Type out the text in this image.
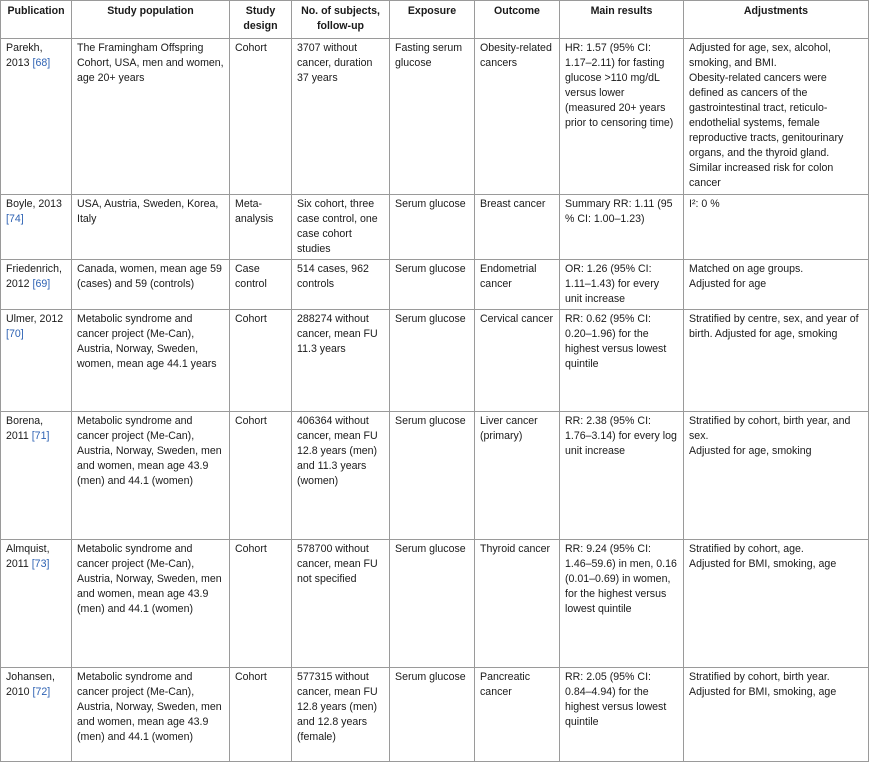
Publication	Study population	Study design	No. of subjects, follow-up	Exposure	Outcome	Main results	Adjustments
Parekh, 2013 [68]	The Framingham Offspring Cohort, USA, men and women, age 20+ years	Cohort	3707 without cancer, duration 37 years	Fasting serum glucose	Obesity-related cancers	HR: 1.57 (95% CI: 1.17–2.11) for fasting glucose >110 mg/dL versus lower (measured 20+ years prior to censoring time)	Adjusted for age, sex, alcohol, smoking, and BMI.
Obesity-related cancers were defined as cancers of the gastrointestinal tract, reticulo-endothelial systems, female reproductive tracts, genitourinary organs, and the thyroid gland.
Similar increased risk for colon cancer
Boyle, 2013 [74]	USA, Austria, Sweden, Korea, Italy	Meta-analysis	Six cohort, three case control, one case cohort studies	Serum glucose	Breast cancer	Summary RR: 1.11 (95 % CI: 1.00–1.23)	I²: 0 %
Friedenrich, 2012 [69]	Canada, women, mean age 59 (cases) and 59 (controls)	Case control	514 cases, 962 controls	Serum glucose	Endometrial cancer	OR: 1.26 (95% CI: 1.11–1.43) for every unit increase	Matched on age groups.
Adjusted for age
Ulmer, 2012 [70]	Metabolic syndrome and cancer project (Me-Can), Austria, Norway, Sweden, women, mean age 44.1 years	Cohort	288274 without cancer, mean FU 11.3 years	Serum glucose	Cervical cancer	RR: 0.62 (95% CI: 0.20–1.96) for the highest versus lowest quintile	Stratified by centre, sex, and year of birth. Adjusted for age, smoking
Borena, 2011 [71]	Metabolic syndrome and cancer project (Me-Can), Austria, Norway, Sweden, men and women, mean age 43.9 (men) and 44.1 (women)	Cohort	406364 without cancer, mean FU 12.8 years (men) and 11.3 years (women)	Serum glucose	Liver cancer (primary)	RR: 2.38 (95% CI: 1.76–3.14) for every log unit increase	Stratified by cohort, birth year, and sex.
Adjusted for age, smoking
Almquist, 2011 [73]	Metabolic syndrome and cancer project (Me-Can), Austria, Norway, Sweden, men and women, mean age 43.9 (men) and 44.1 (women)	Cohort	578700 without cancer, mean FU not specified	Serum glucose	Thyroid cancer	RR: 9.24 (95% CI: 1.46–59.6) in men, 0.16 (0.01–0.69) in women, for the highest versus lowest quintile	Stratified by cohort, age.
Adjusted for BMI, smoking, age
Johansen, 2010 [72]	Metabolic syndrome and cancer project (Me-Can), Austria, Norway, Sweden, men and women, mean age 43.9 (men) and 44.1 (women)	Cohort	577315 without cancer, mean FU 12.8 years (men) and 12.8 years (female)	Serum glucose	Pancreatic cancer	RR: 2.05 (95% CI: 0.84–4.94) for the highest versus lowest quintile	Stratified by cohort, birth year.
Adjusted for BMI, smoking, age
